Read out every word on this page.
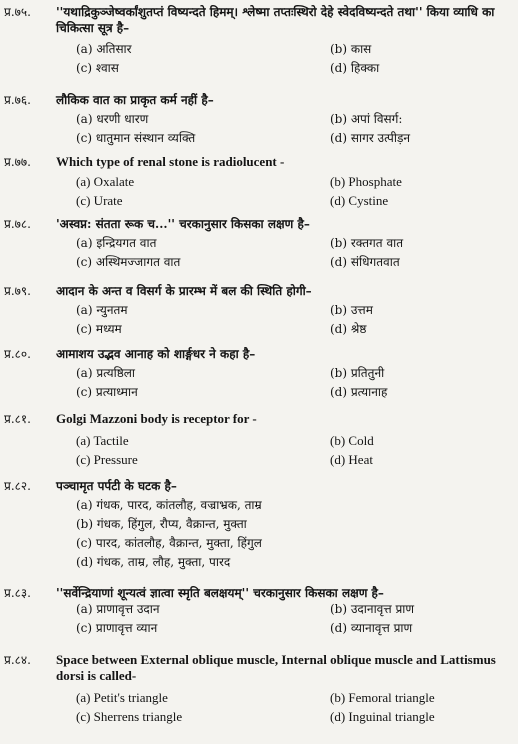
प्र.७५.	''यथाद्रिकुञ्जेष्वर्कांशुतप्तं विष्यन्दते हिमम्। श्लेष्मा तप्तःस्थिरो देहे स्वेदविष्यन्दते तथा'' किया व्याधि का चिकित्सा सूत्र है–
(a) अतिसार	(b) कास
(c) श्वास	(d) हिक्का
प्र.७६.	लौकिक वात का प्राकृत कर्म नहीं है–
(a) धरणी धारण	(b) अपां विसर्ग:
(c) धातुमान संस्थान व्यक्ति	(d) सागर उत्पीड़न
प्र.७७.	Which type of renal stone is radiolucent -
(a) Oxalate	(b) Phosphate
(c) Urate	(d) Cystine
प्र.७८.	'अस्वप्न: संतता रूक च...'' चरकानुसार किसका लक्षण है–
(a) इन्द्रियगत वात	(b) रक्तगत वात
(c) अस्थिमज्जागत वात	(d) संधिगतवात
प्र.७९.	आदान के अन्त व विसर्ग के प्रारम्भ में बल की स्थिति होगी–
(a) न्युनतम	(b) उत्तम
(c) मध्यम	(d) श्रेष्ठ
प्र.८०.	आमाशय उद्भव आनाह को शार्ङ्गधर ने कहा है–
(a) प्रत्यष्ठिला	(b) प्रतितुनी
(c) प्रत्याध्मान	(d) प्रत्यानाह
प्र.८१.	Golgi Mazzoni body is receptor for -
(a) Tactile	(b) Cold
(c) Pressure	(d) Heat
प्र.८२.	पञ्चामृत पर्पटी के घटक है–
(a) गंधक, पारद, कांतलौह, वज्राभ्रक, ताम्र
(b) गंधक, हिंगुल, रौप्य, वैक्रान्त, मुक्ता
(c) पारद, कांतलौह, वैक्रान्त, मुक्ता, हिंगुल
(d) गंधक, ताम्र, लौह, मुक्ता, पारद
प्र.८३.	''सर्वेन्द्रियाणां शून्यत्वं ज्ञात्वा स्मृति बलक्षयम्'' चरकानुसार किसका लक्षण है–
(a) प्राणावृत्त उदान	(b) उदानावृत्त प्राण
(c) प्राणावृत्त व्यान	(d) व्यानावृत्त प्राण
प्र.८४.	Space between External oblique muscle, Internal oblique muscle and Lattismus dorsi is called-
(a) Petit's triangle	(b) Femoral triangle
(c) Sherrens triangle	(d) Inguinal triangle
